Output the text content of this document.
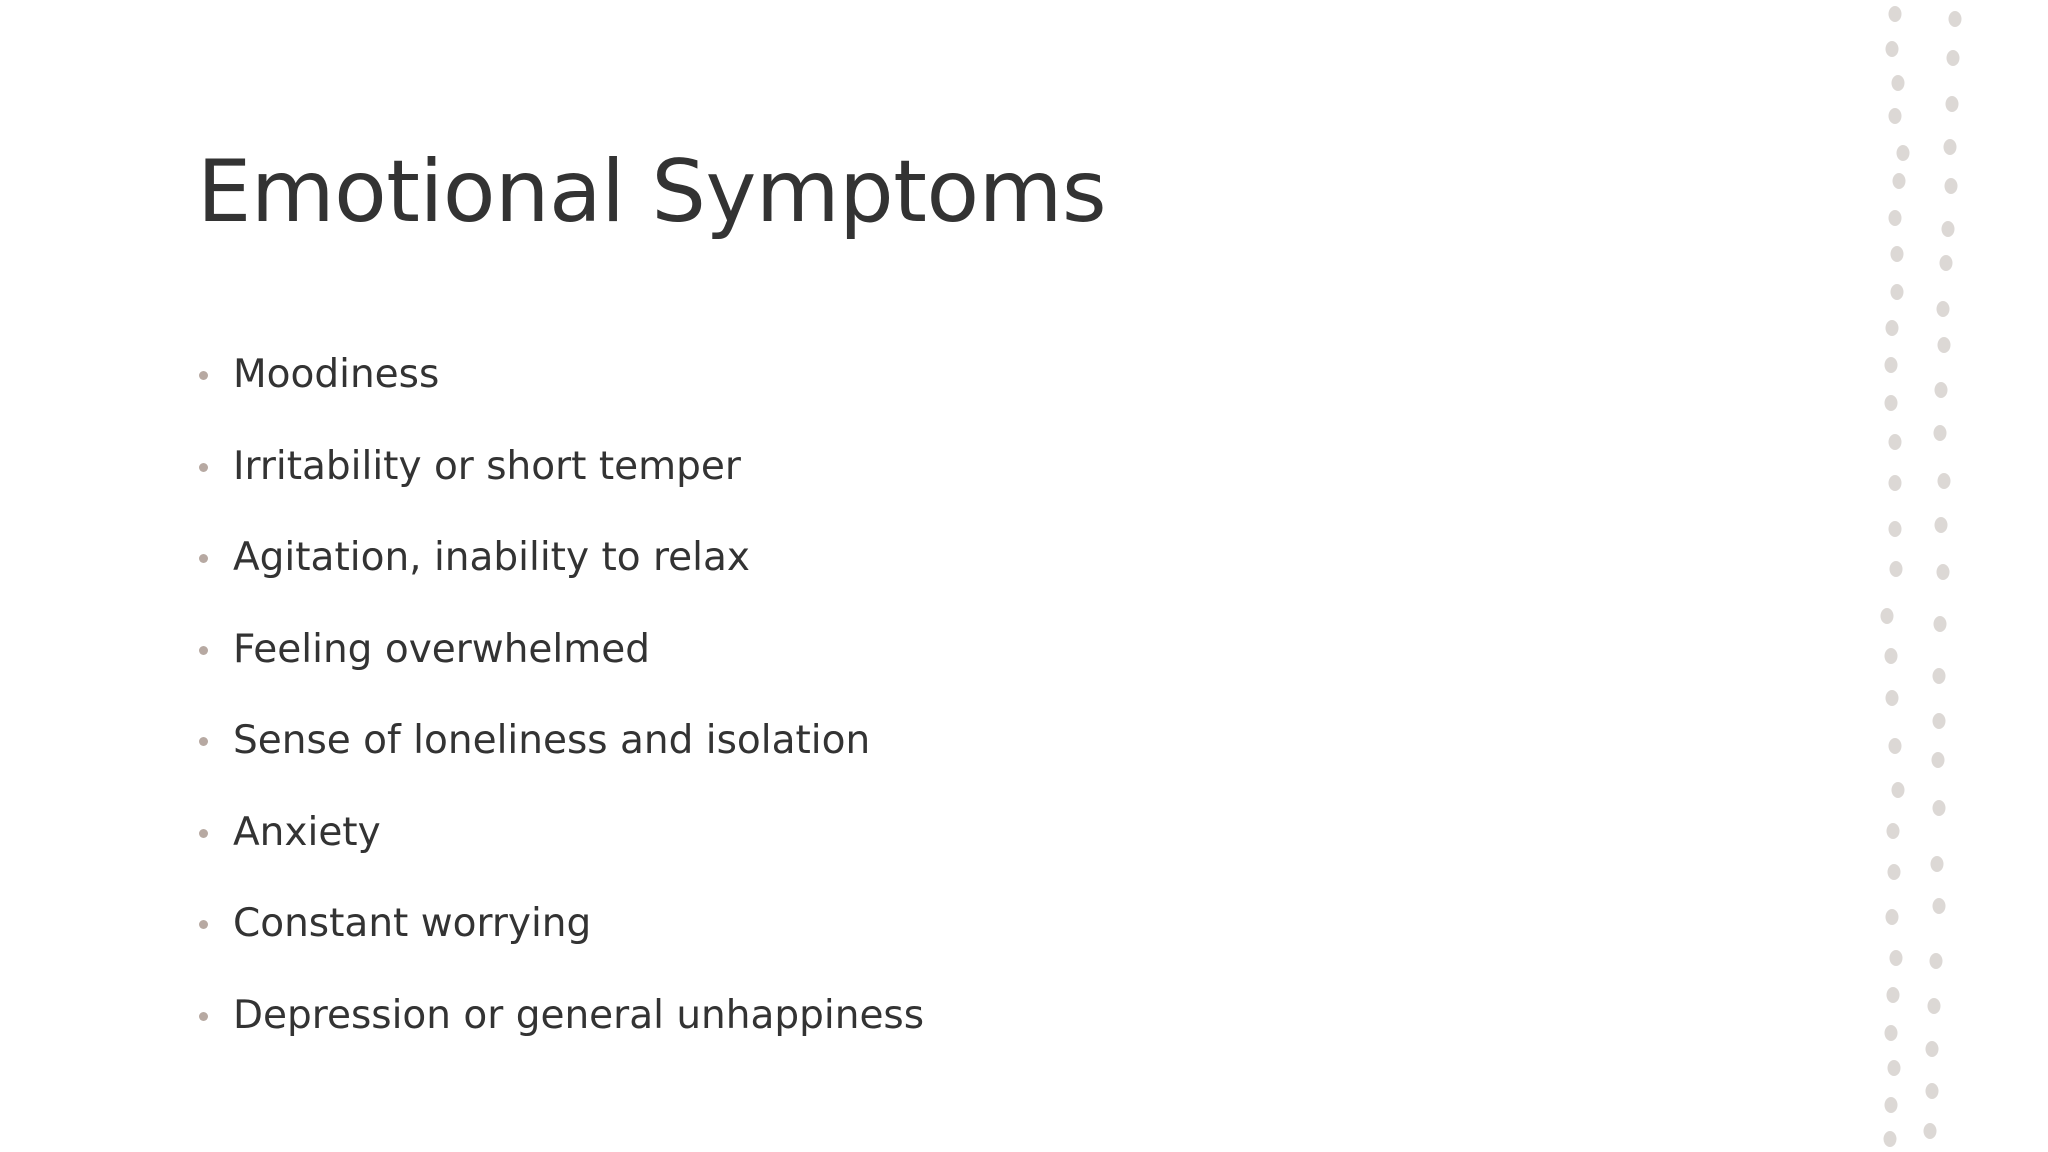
Emotional Symptoms
Moodiness
Irritability or short temper
Agitation, inability to relax
Feeling overwhelmed
Sense of loneliness and isolation
Anxiety
Constant worrying
Depression or general unhappiness
